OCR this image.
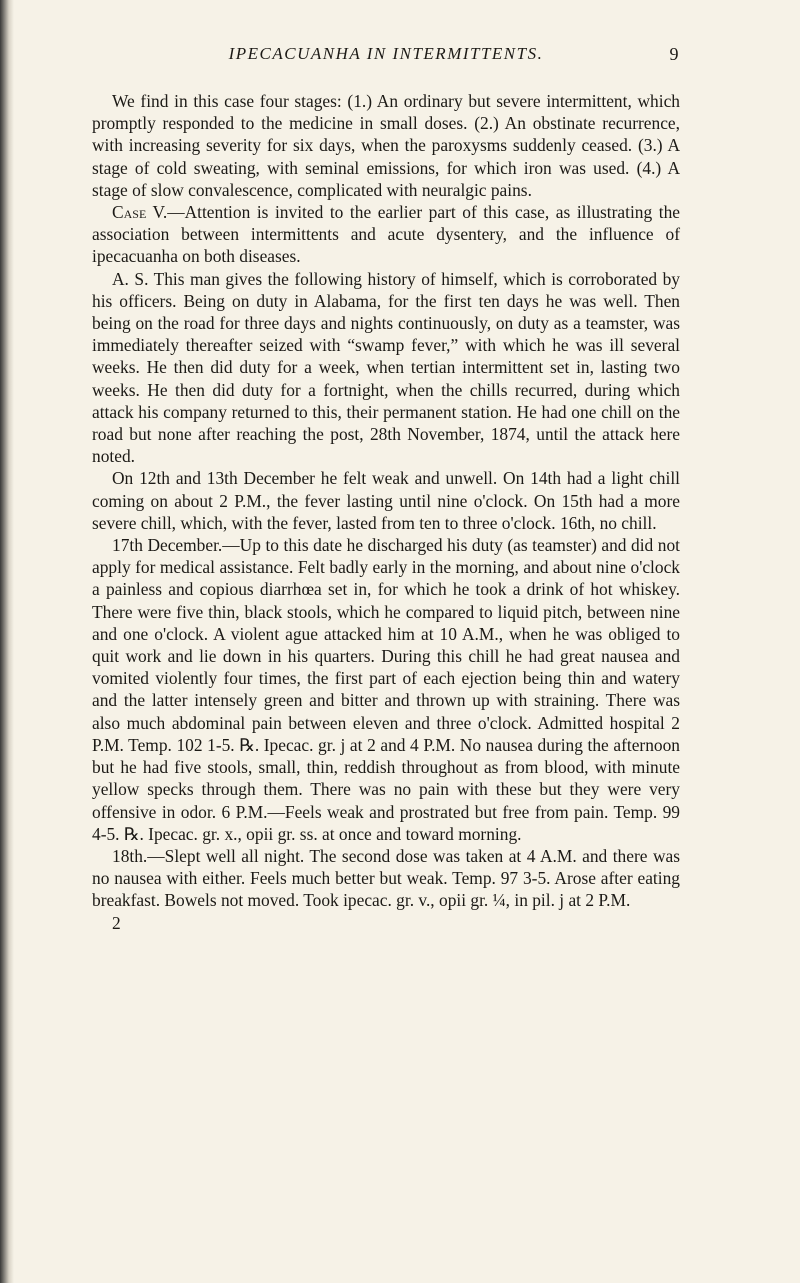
IPECACUANHA IN INTERMITTENTS.	9

We find in this case four stages: (1.) An ordinary but severe intermittent, which promptly responded to the medicine in small doses. (2.) An obstinate recurrence, with increasing severity for six days, when the paroxysms suddenly ceased. (3.) A stage of cold sweating, with seminal emissions, for which iron was used. (4.) A stage of slow convalescence, complicated with neuralgic pains.

Case V.—Attention is invited to the earlier part of this case, as illustrating the association between intermittents and acute dysentery, and the influence of ipecacuanha on both diseases.

A. S. This man gives the following history of himself, which is corroborated by his officers. Being on duty in Alabama, for the first ten days he was well. Then being on the road for three days and nights continuously, on duty as a teamster, was immediately thereafter seized with “swamp fever,” with which he was ill several weeks. He then did duty for a week, when tertian intermittent set in, lasting two weeks. He then did duty for a fortnight, when the chills recurred, during which attack his company returned to this, their permanent station. He had one chill on the road but none after reaching the post, 28th November, 1874, until the attack here noted.

On 12th and 13th December he felt weak and unwell. On 14th had a light chill coming on about 2 P.M., the fever lasting until nine o'clock. On 15th had a more severe chill, which, with the fever, lasted from ten to three o'clock. 16th, no chill.

17th December.—Up to this date he discharged his duty (as teamster) and did not apply for medical assistance. Felt badly early in the morning, and about nine o'clock a painless and copious diarrhœa set in, for which he took a drink of hot whiskey. There were five thin, black stools, which he compared to liquid pitch, between nine and one o'clock. A violent ague attacked him at 10 A.M., when he was obliged to quit work and lie down in his quarters. During this chill he had great nausea and vomited violently four times, the first part of each ejection being thin and watery and the latter intensely green and bitter and thrown up with straining. There was also much abdominal pain between eleven and three o'clock. Admitted hospital 2 P.M. Temp. 102 1-5. ℞. Ipecac. gr. j at 2 and 4 P.M. No nausea during the afternoon but he had five stools, small, thin, reddish throughout as from blood, with minute yellow specks through them. There was no pain with these but they were very offensive in odor. 6 P.M.—Feels weak and prostrated but free from pain. Temp. 99 4-5. ℞. Ipecac. gr. x., opii gr. ss. at once and toward morning.

18th.—Slept well all night. The second dose was taken at 4 A.M. and there was no nausea with either. Feels much better but weak. Temp. 97 3-5. Arose after eating breakfast. Bowels not moved. Took ipecac. gr. v., opii gr. ¼, in pil. j at 2 P.M.

2
